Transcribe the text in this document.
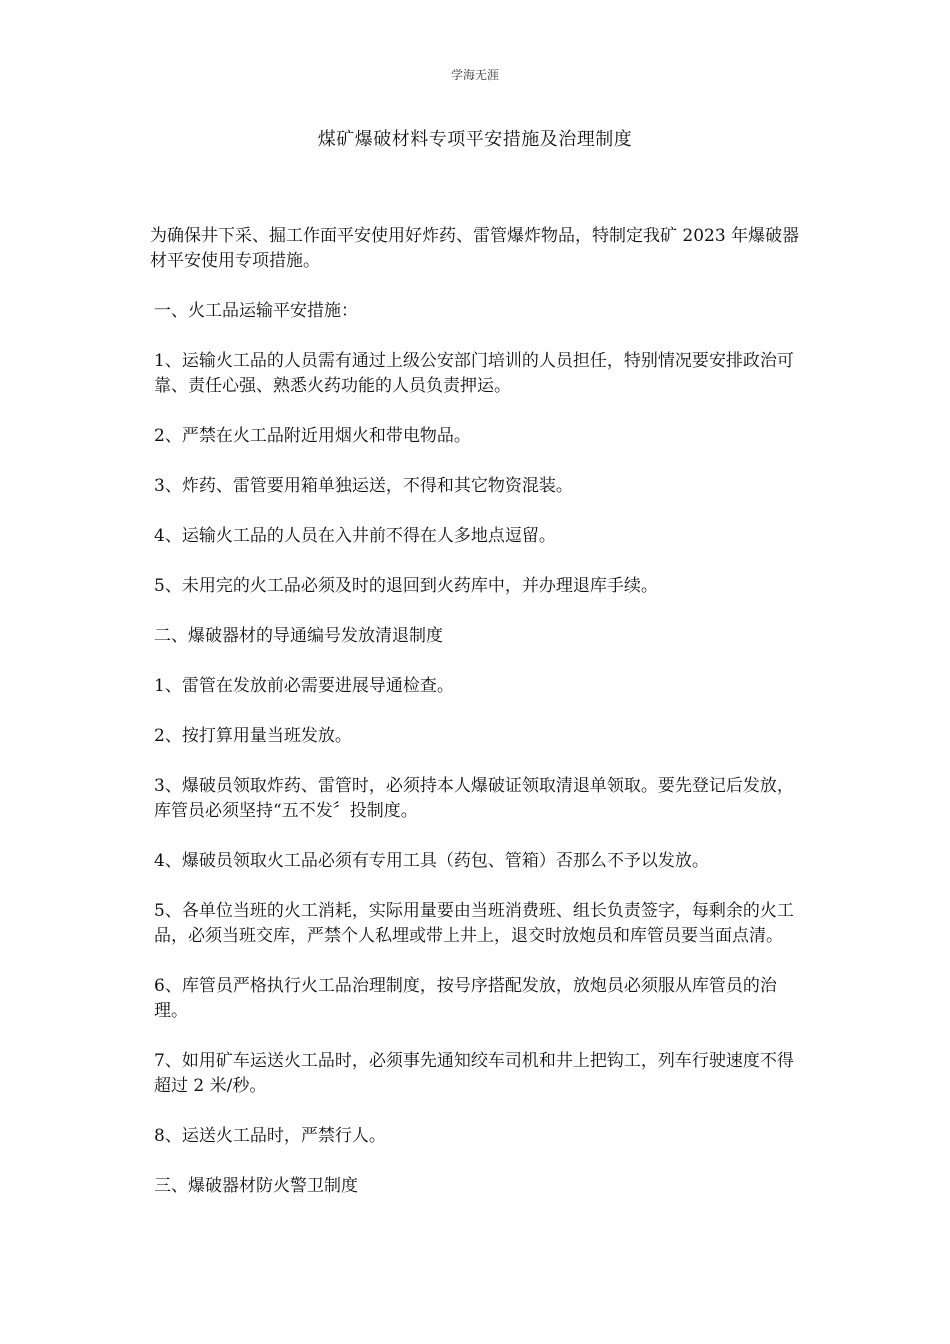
学海无涯
煤矿爆破材料专项平安措施及治理制度

为确保井下采、掘工作面平安使用好炸药、雷管爆炸物品，特制定我矿 2023 年爆破器材平安使用专项措施。

一、火工品运输平安措施：

1、运输火工品的人员需有通过上级公安部门培训的人员担任，特别情况要安排政治可靠、责任心强、熟悉火药功能的人员负责押运。

2、严禁在火工品附近用烟火和带电物品。

3、炸药、雷管要用箱单独运送，不得和其它物资混装。

4、运输火工品的人员在入井前不得在人多地点逗留。

5、未用完的火工品必须及时的退回到火药库中，并办理退库手续。

二、爆破器材的导通编号发放清退制度

1、雷管在发放前必需要进展导通检查。

2、按打算用量当班发放。

3、爆破员领取炸药、雷管时，必须持本人爆破证领取清退单领取。要先登记后发放，库管员必须坚持“五不发〞投制度。

4、爆破员领取火工品必须有专用工具（药包、管箱）否那么不予以发放。

5、各单位当班的火工消耗，实际用量要由当班消费班、组长负责签字，每剩余的火工品，必须当班交库，严禁个人私埋或带上井上，退交时放炮员和库管员要当面点清。

6、库管员严格执行火工品治理制度，按号序搭配发放，放炮员必须服从库管员的治理。

7、如用矿车运送火工品时，必须事先通知绞车司机和井上把钩工，列车行驶速度不得超过 2 米/秒。

8、运送火工品时，严禁行人。

三、爆破器材防火警卫制度
